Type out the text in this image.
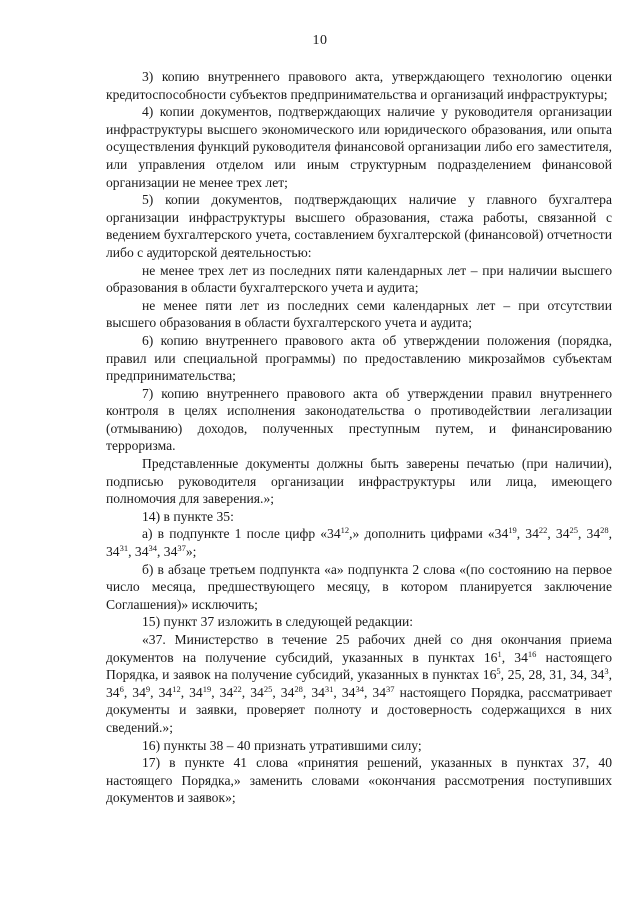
10

3) копию внутреннего правового акта, утверждающего технологию оценки кредитоспособности субъектов предпринимательства и организаций инфраструктуры;

4) копии документов, подтверждающих наличие у руководителя организации инфраструктуры высшего экономического или юридического образования, или опыта осуществления функций руководителя финансовой организации либо его заместителя, или управления отделом или иным структурным подразделением финансовой организации не менее трех лет;

5) копии документов, подтверждающих наличие у главного бухгалтера организации инфраструктуры высшего образования, стажа работы, связанной с ведением бухгалтерского учета, составлением бухгалтерской (финансовой) отчетности либо с аудиторской деятельностью:

не менее трех лет из последних пяти календарных лет – при наличии высшего образования в области бухгалтерского учета и аудита;

не менее пяти лет из последних семи календарных лет – при отсутствии высшего образования в области бухгалтерского учета и аудита;

6) копию внутреннего правового акта об утверждении положения (порядка, правил или специальной программы) по предоставлению микрозаймов субъектам предпринимательства;

7) копию внутреннего правового акта об утверждении правил внутреннего контроля в целях исполнения законодательства о противодействии легализации (отмыванию) доходов, полученных преступным путем, и финансированию терроризма.

Представленные документы должны быть заверены печатью (при наличии), подписью руководителя организации инфраструктуры или лица, имеющего полномочия для заверения.»;

14) в пункте 35:

а) в подпункте 1 после цифр «$34^{12}$,» дополнить цифрами «$34^{19}$, $34^{22}$, $34^{25}$, $34^{28}$, $34^{31}$, $34^{34}$, $34^{37}$»;

б) в абзаце третьем подпункта «а» подпункта 2 слова «(по состоянию на первое число месяца, предшествующего месяцу, в котором планируется заключение Соглашения)» исключить;

15) пункт 37 изложить в следующей редакции:

«37. Министерство в течение 25 рабочих дней со дня окончания приема документов на получение субсидий, указанных в пунктах $16^1$, $34^{16}$ настоящего Порядка, и заявок на получение субсидий, указанных в пунктах $16^5$, 25, 28, 31, 34, $34^3$, $34^6$, $34^9$, $34^{12}$, $34^{19}$, $34^{22}$, $34^{25}$, $34^{28}$, $34^{31}$, $34^{34}$, $34^{37}$ настоящего Порядка, рассматривает документы и заявки, проверяет полноту и достоверность содержащихся в них сведений.»;

16) пункты 38 – 40 признать утратившими силу;

17) в пункте 41 слова «принятия решений, указанных в пунктах 37, 40 настоящего Порядка,» заменить словами «окончания рассмотрения поступивших документов и заявок»;
